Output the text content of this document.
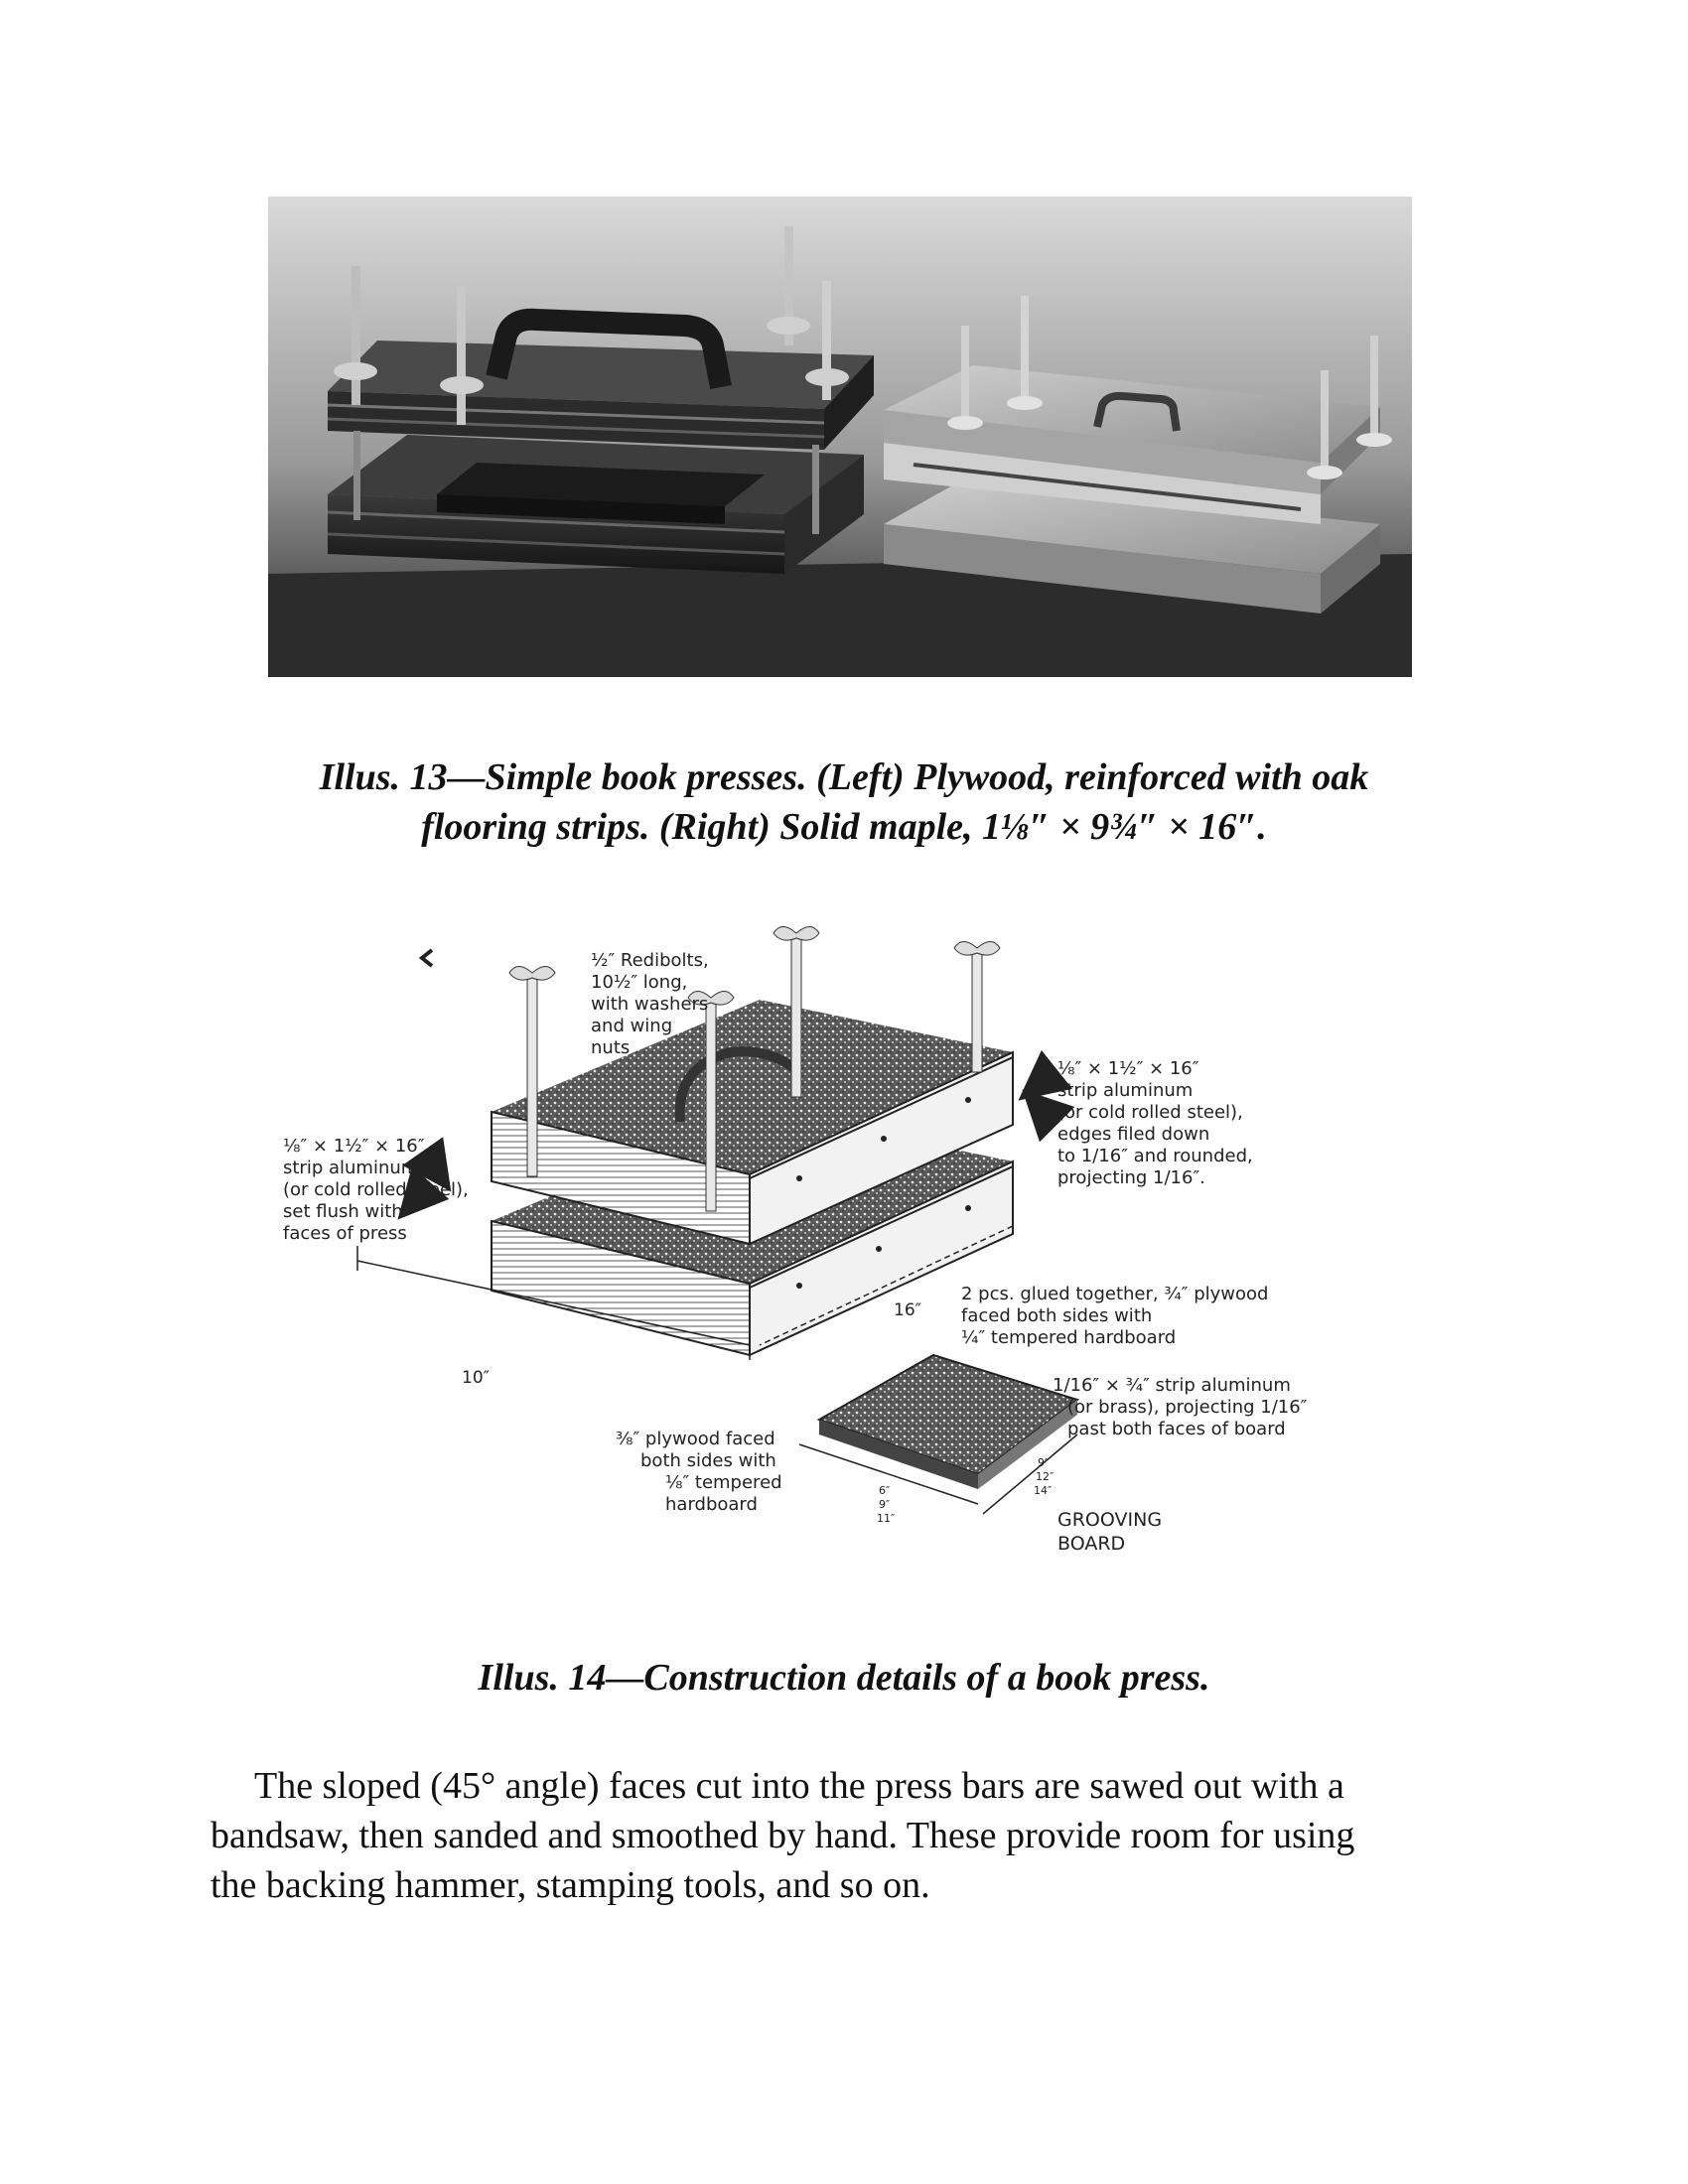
Illus. 13—Simple book presses. (Left) Plywood, reinforced with oak
flooring strips. (Right) Solid maple, 1⅛″ × 9¾″ × 16″.
½″ Redibolts,
10½″ long,
with washers
and wing
nuts
⅛″ × 1½″ × 16″
strip aluminum
(or cold rolled steel),
set flush with
faces of press
⅛″ × 1½″ × 16″
strip aluminum
(or cold rolled steel),
edges filed down
to 1/16″ and rounded,
projecting 1/16″.
2 pcs. glued together, ¾″ plywood
faced both sides with
¼″ tempered hardboard
16″
10″	1/16″ × ¾″ strip aluminum
(or brass), projecting 1/16″
past both faces of board
⅜″ plywood faced
both sides with
⅛″ tempered
hardboard
6″
9″
11″
9″
12″
14″
GROOVING
BOARD
Illus. 14—Construction details of a book press.
The sloped (45° angle) faces cut into the press bars are sawed out with a
bandsaw, then sanded and smoothed by hand. These provide room for using
the backing hammer, stamping tools, and so on.
